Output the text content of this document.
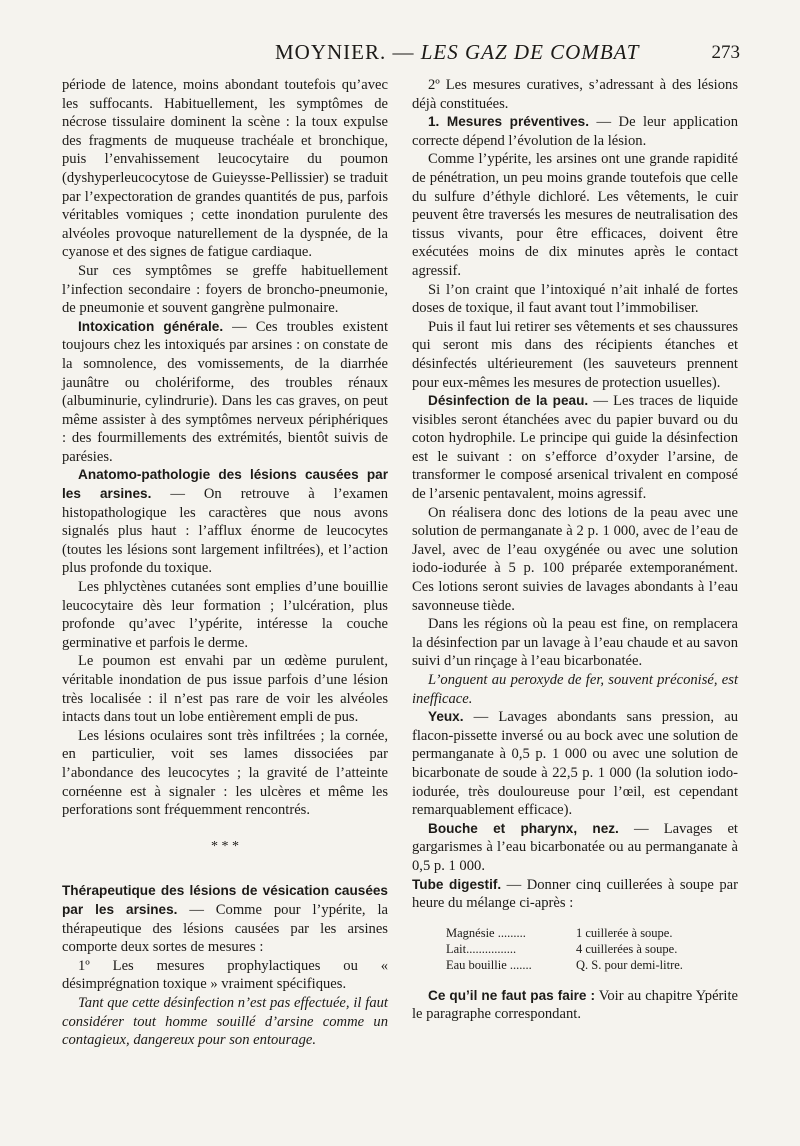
MOYNIER. — LES GAZ DE COMBAT	273

période de latence, moins abondant toutefois qu’avec les suffocants. Habituellement, les symptômes de nécrose tissulaire dominent la scène : la toux expulse des fragments de muqueuse trachéale et bronchique, puis l’envahissement leucocytaire du poumon (dyshyperleucocytose de Guieysse-Pellissier) se traduit par l’expectoration de grandes quantités de pus, parfois véritables vomiques ; cette inondation purulente des alvéoles provoque naturellement de la dyspnée, de la cyanose et des signes de fatigue cardiaque.

Sur ces symptômes se greffe habituellement l’infection secondaire : foyers de broncho-pneumonie, de pneumonie et souvent gangrène pulmonaire.

Intoxication générale. — Ces troubles existent toujours chez les intoxiqués par arsines : on constate de la somnolence, des vomissements, de la diarrhée jaunâtre ou cholériforme, des troubles rénaux (albuminurie, cylindrurie). Dans les cas graves, on peut même assister à des symptômes nerveux périphériques : des fourmillements des extrémités, bientôt suivis de parésies.

Anatomo-pathologie des lésions causées par les arsines. — On retrouve à l’examen histopathologique les caractères que nous avons signalés plus haut : l’afflux énorme de leucocytes (toutes les lésions sont largement infiltrées), et l’action plus profonde du toxique.

Les phlyctènes cutanées sont emplies d’une bouillie leucocytaire dès leur formation ; l’ulcération, plus profonde qu’avec l’ypérite, intéresse la couche germinative et parfois le derme.

Le poumon est envahi par un œdème purulent, véritable inondation de pus issue parfois d’une lésion très localisée : il n’est pas rare de voir les alvéoles intacts dans tout un lobe entièrement empli de pus.

Les lésions oculaires sont très infiltrées ; la cornée, en particulier, voit ses lames dissociées par l’abondance des leucocytes ; la gravité de l’atteinte cornéenne est à signaler : les ulcères et même les perforations sont fréquemment rencontrés.

* * *

Thérapeutique des lésions de vésication causées par les arsines. — Comme pour l’ypérite, la thérapeutique des lésions causées par les arsines comporte deux sortes de mesures :

1º Les mesures prophylactiques ou « désimprégnation toxique » vraiment spécifiques.

Tant que cette désinfection n’est pas effectuée, il faut considérer tout homme souillé d’arsine comme un contagieux, dangereux pour son entourage.

2º Les mesures curatives, s’adressant à des lésions déjà constituées.

1. Mesures préventives. — De leur application correcte dépend l’évolution de la lésion.

Comme l’ypérite, les arsines ont une grande rapidité de pénétration, un peu moins grande toutefois que celle du sulfure d’éthyle dichloré. Les vêtements, le cuir peuvent être traversés les mesures de neutralisation des tissus vivants, pour être efficaces, doivent être exécutées moins de dix minutes après le contact agressif.

Si l’on craint que l’intoxiqué n’ait inhalé de fortes doses de toxique, il faut avant tout l’immobiliser.

Puis il faut lui retirer ses vêtements et ses chaussures qui seront mis dans des récipients étanches et désinfectés ultérieurement (les sauveteurs prennent pour eux-mêmes les mesures de protection usuelles).

Désinfection de la peau. — Les traces de liquide visibles seront étanchées avec du papier buvard ou du coton hydrophile. Le principe qui guide la désinfection est le suivant : on s’efforce d’oxyder l’arsine, de transformer le composé arsenical trivalent en composé de l’arsenic pentavalent, moins agressif.

On réalisera donc des lotions de la peau avec une solution de permanganate à 2 p. 1 000, avec de l’eau de Javel, avec de l’eau oxygénée ou avec une solution iodo-iodurée à 5 p. 100 préparée extemporanément. Ces lotions seront suivies de lavages abondants à l’eau savonneuse tiède.

Dans les régions où la peau est fine, on remplacera la désinfection par un lavage à l’eau chaude et au savon suivi d’un rinçage à l’eau bicarbonatée.

L’onguent au peroxyde de fer, souvent préconisé, est inefficace.

Yeux. — Lavages abondants sans pression, au flacon-pissette inversé ou au bock avec une solution de permanganate à 0,5 p. 1 000 ou avec une solution de bicarbonate de soude à 22,5 p. 1 000 (la solution iodo-iodurée, très douloureuse pour l’œil, est cependant remarquablement efficace).

Bouche et pharynx, nez. — Lavages et gargarismes à l’eau bicarbonatée ou au permanganate à 0,5 p. 1 000.

Tube digestif. — Donner cinq cuillerées à soupe par heure du mélange ci-après :

Magnésie .........	1 cuillerée à soupe.
Lait................	4 cuillerées à soupe.
Eau bouillie .......	Q. S. pour demi-litre.

Ce qu’il ne faut pas faire : Voir au chapitre Ypérite le paragraphe correspondant.
